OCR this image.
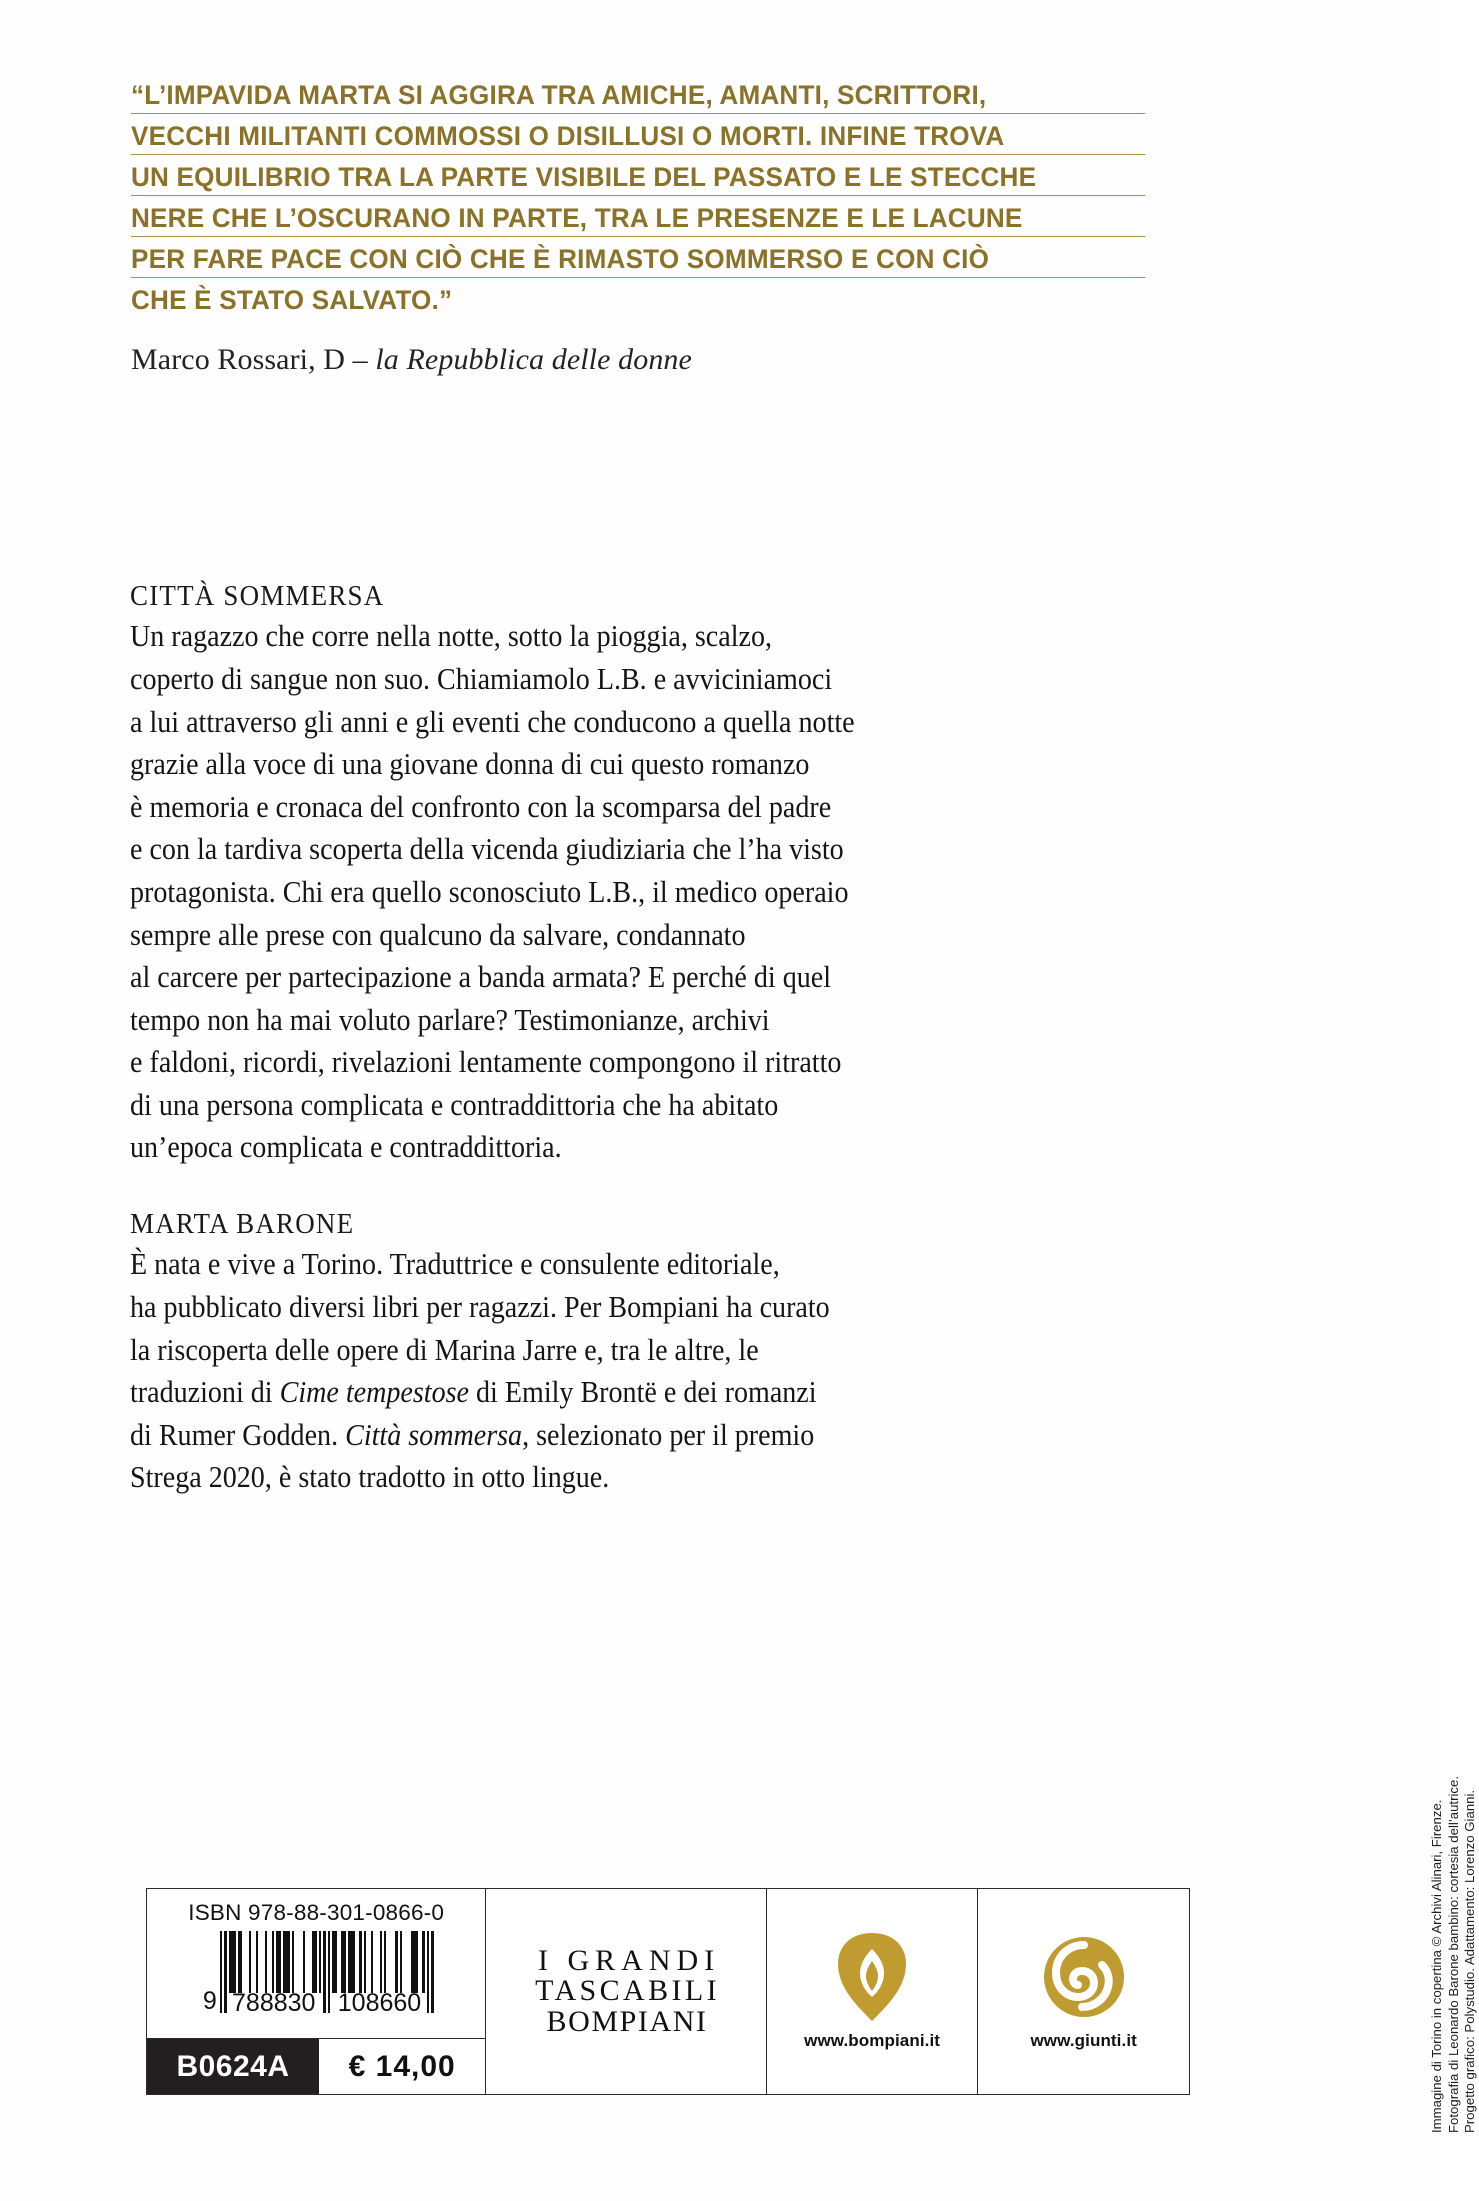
“L’IMPAVIDA MARTA SI AGGIRA TRA AMICHE, AMANTI, SCRITTORI,
VECCHI MILITANTI COMMOSSI O DISILLUSI O MORTI. INFINE TROVA
UN EQUILIBRIO TRA LA PARTE VISIBILE DEL PASSATO E LE STECCHE
NERE CHE L’OSCURANO IN PARTE, TRA LE PRESENZE E LE LACUNE
PER FARE PACE CON CIÒ CHE È RIMASTO SOMMERSO E CON CIÒ
CHE È STATO SALVATO.”
Marco Rossari, D – la Repubblica delle donne
CITTÀ SOMMERSA
Un ragazzo che corre nella notte, sotto la pioggia, scalzo,
coperto di sangue non suo. Chiamiamolo L.B. e avviciniamoci
a lui attraverso gli anni e gli eventi che conducono a quella notte
grazie alla voce di una giovane donna di cui questo romanzo
è memoria e cronaca del confronto con la scomparsa del padre
e con la tardiva scoperta della vicenda giudiziaria che l’ha visto
protagonista. Chi era quello sconosciuto L.B., il medico operaio
sempre alle prese con qualcuno da salvare, condannato
al carcere per partecipazione a banda armata? E perché di quel
tempo non ha mai voluto parlare? Testimonianze, archivi
e faldoni, ricordi, rivelazioni lentamente compongono il ritratto
di una persona complicata e contraddittoria che ha abitato
un’epoca complicata e contraddittoria.
MARTA BARONE
È nata e vive a Torino. Traduttrice e consulente editoriale,
ha pubblicato diversi libri per ragazzi. Per Bompiani ha curato
la riscoperta delle opere di Marina Jarre e, tra le altre, le
traduzioni di Cime tempestose di Emily Brontë e dei romanzi
di Rumer Godden. Città sommersa, selezionato per il premio
Strega 2020, è stato tradotto in otto lingue.
Immagine di Torino in copertina © Archivi Alinari, Firenze. Fotografia di Leonardo Barone bambino: cortesia dell’autrice. Progetto grafico: Polystudio. Adattamento: Lorenzo Gianni.
ISBN 978-88-301-0866-0
9 788830 108660
B0624A	€ 14,00
I GRANDI
TASCABILI
BOMPIANI
www.bompiani.it	www.giunti.it
